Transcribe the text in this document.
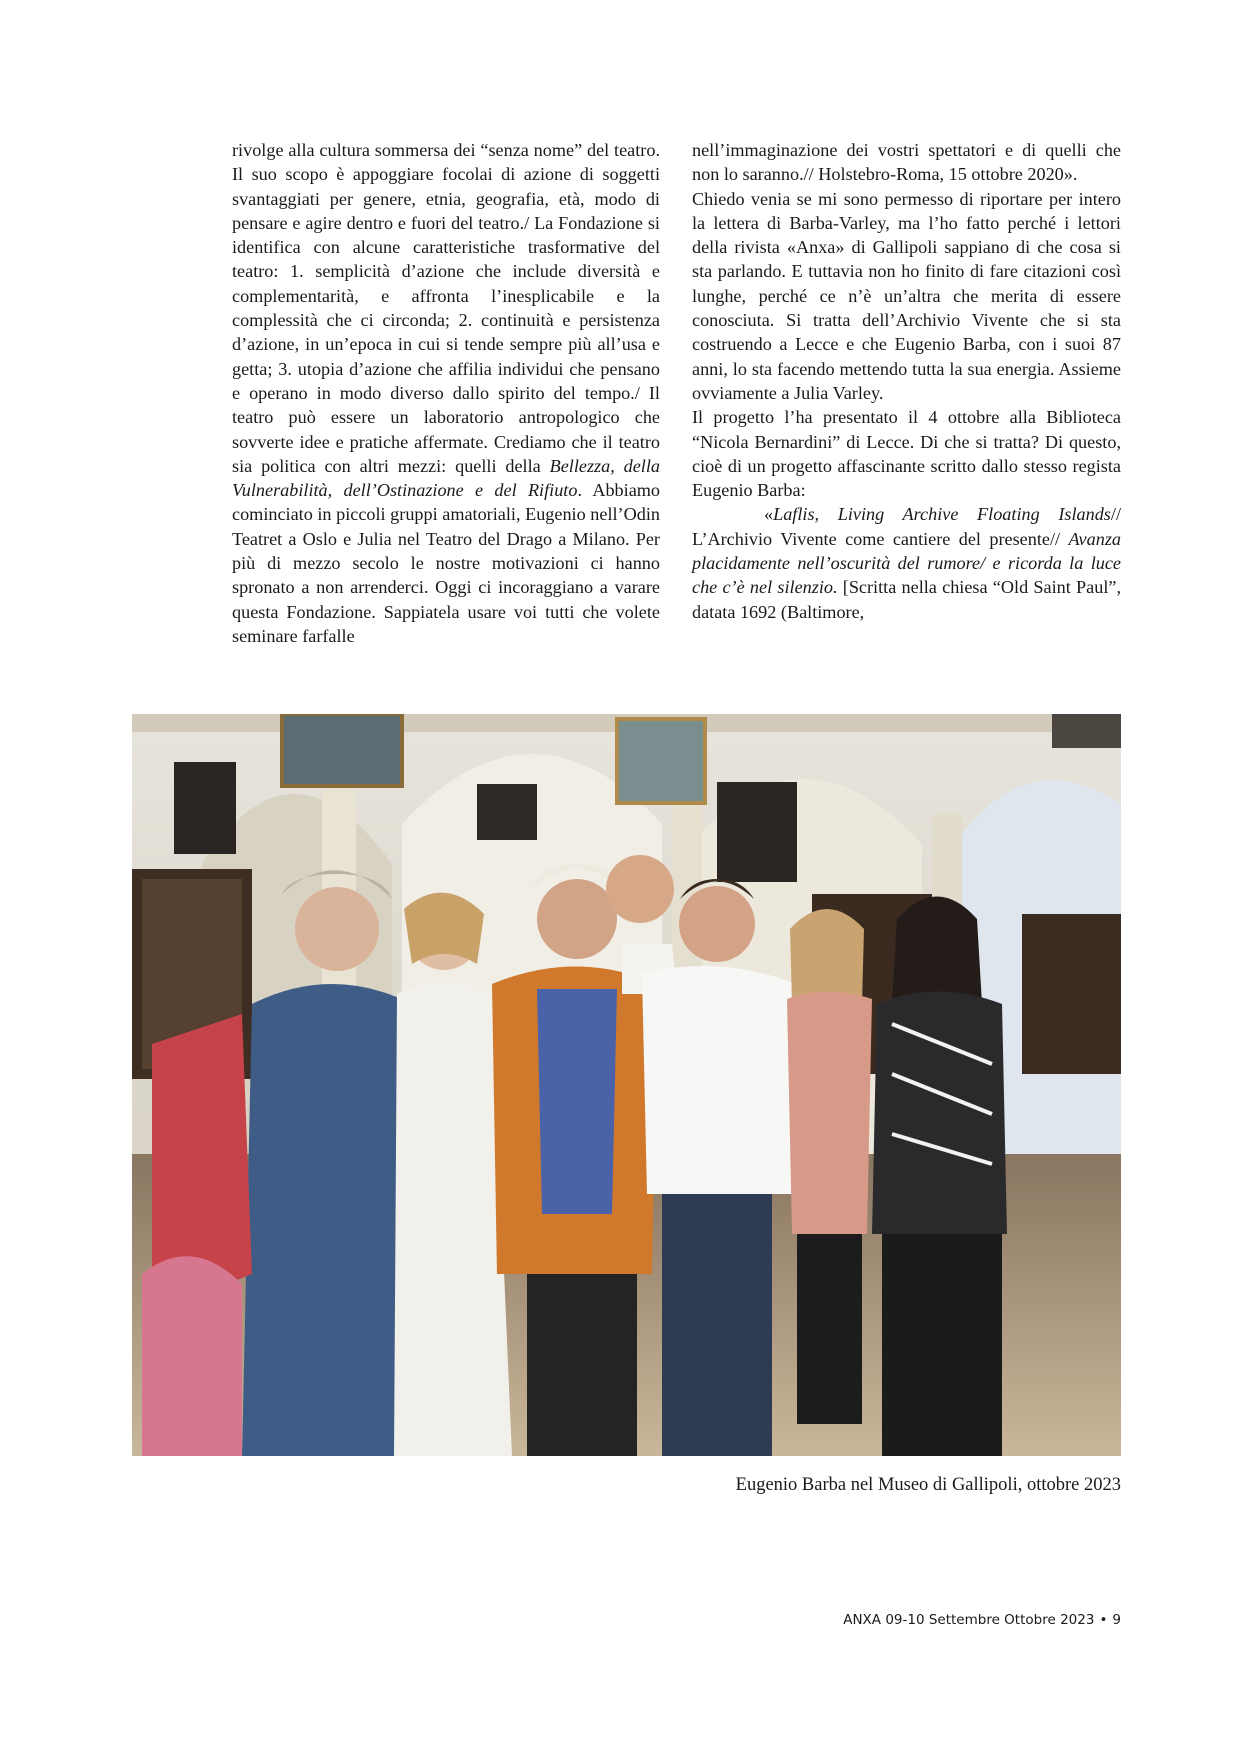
rivolge alla cultura sommersa dei “senza nome” del teatro. Il suo scopo è appoggiare focolai di azione di soggetti svantaggiati per genere, etnia, geografia, età, modo di pensare e agire dentro e fuori del teatro./ La Fondazione si identifica con alcune caratteristiche trasformative del teatro: 1. semplicità d’azione che include diversità e complementarità, e affronta l’inesplicabile e la complessità che ci circonda; 2. continuità e persistenza d’azione, in un’epoca in cui si tende sempre più all’usa e getta; 3. utopia d’azione che affilia individui che pensano e operano in modo diverso dallo spirito del tempo./ Il teatro può essere un laboratorio antropologico che sovverte idee e pratiche affermate. Crediamo che il teatro sia politica con altri mezzi: quelli della Bellezza, della Vulnerabilità, dell’Ostinazione e del Rifiuto. Abbiamo cominciato in piccoli gruppi amatoriali, Eugenio nell’Odin Teatret a Oslo e Julia nel Teatro del Drago a Milano. Per più di mezzo secolo le nostre motivazioni ci hanno spronato a non arrenderci. Oggi ci incoraggiano a varare questa Fondazione. Sappiatela usare voi tutti che volete seminare farfalle

nell’immaginazione dei vostri spettatori e di quelli che non lo saranno.// Holstebro-Roma, 15 ottobre 2020».

Chiedo venia se mi sono permesso di riportare per intero la lettera di Barba-Varley, ma l’ho fatto perché i lettori della rivista «Anxa» di Gallipoli sappiano di che cosa si sta parlando. E tuttavia non ho finito di fare citazioni così lunghe, perché ce n’è un’altra che merita di essere conosciuta. Si tratta dell’Archivio Vivente che si sta costruendo a Lecce e che Eugenio Barba, con i suoi 87 anni, lo sta facendo mettendo tutta la sua energia. Assieme ovviamente a Julia Varley.

Il progetto l’ha presentato il 4 ottobre alla Biblioteca “Nicola Bernardini” di Lecce. Di che si tratta? Di questo, cioè di un progetto affascinante scritto dallo stesso regista Eugenio Barba:

«Laflis, Living Archive Floating Islands// L’Archivio Vivente come cantiere del presente// Avanza placidamente nell’oscurità del rumore/ e ricorda la luce che c’è nel silenzio. [Scritta nella chiesa “Old Saint Paul”, datata 1692 (Baltimore,

Eugenio Barba nel Museo di Gallipoli, ottobre 2023
ANXA 09-10 Settembre Ottobre 2023 • 9
